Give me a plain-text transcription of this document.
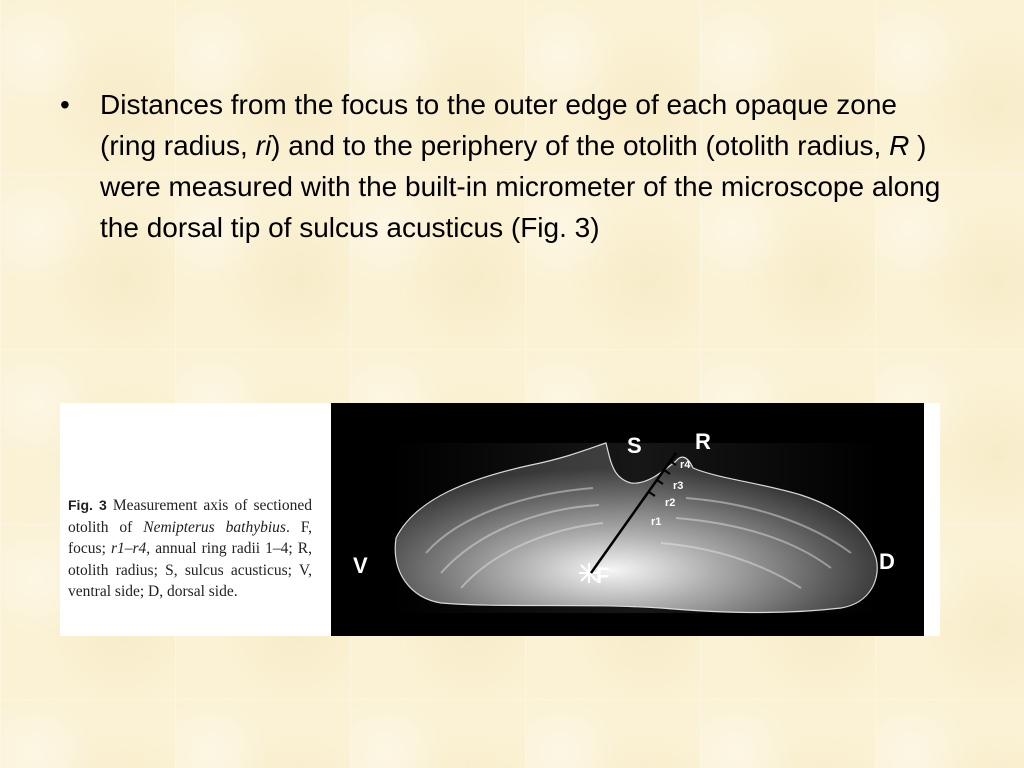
•	Distances from the focus to the outer edge of each opaque zone (ring radius, ri) and to the periphery of the otolith (otolith radius, R ) were measured with the built-in micrometer of the microscope along the dorsal tip of sulcus acusticus (Fig. 3)
Fig. 3 Measurement axis of sectioned otolith of Nemipterus bathybius. F, focus; r1–r4, annual ring radii 1–4; R, otolith radius; S, sulcus acusticus; V, ventral side; D, dorsal side.
S R
V	D
F
r4
r3
r2
r1
